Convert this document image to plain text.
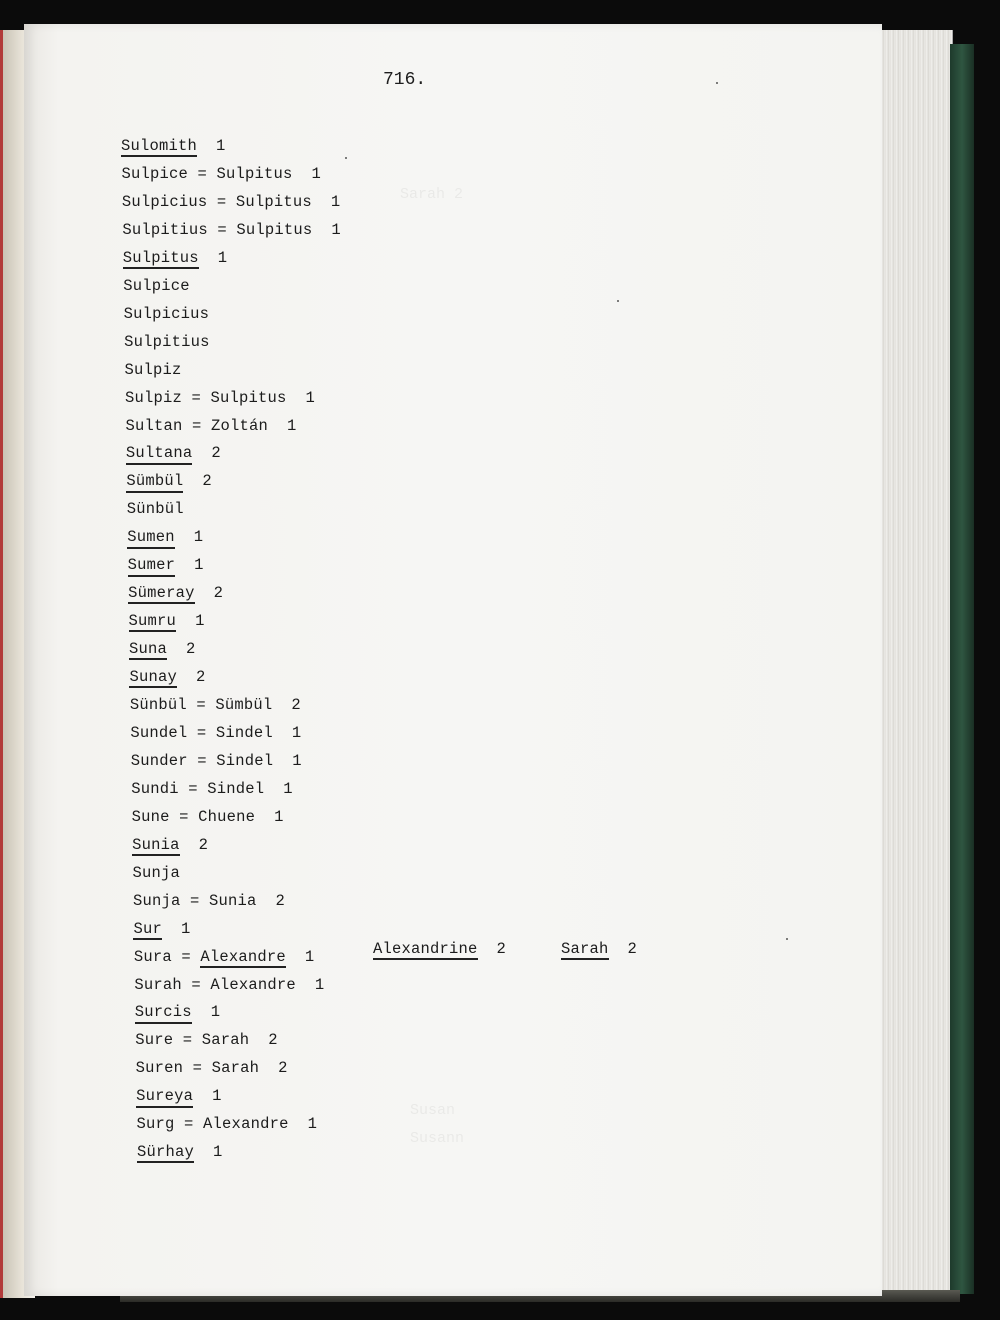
Sarah 2
Susan
Susann
716.
Sulomith  1
Sulpice = Sulpitus  1
Sulpicius = Sulpitus  1
Sulpitius = Sulpitus  1
Sulpitus  1
Sulpice
Sulpicius
Sulpitius
Sulpiz
Sulpiz = Sulpitus  1
Sultan = Zoltán  1
Sultana  2
Sümbül  2
Sünbül
Sumen  1
Sumer  1
Sümeray  2
Sumru  1
Suna  2
Sunay  2
Sünbül = Sümbül  2
Sundel = Sindel  1
Sunder = Sindel  1
Sundi = Sindel  1
Sune = Chuene  1
Sunia  2
Sunja
Sunja = Sunia  2
Sur  1
Sura = Alexandre  1
Surah = Alexandre  1
Surcis  1
Sure = Sarah  2
Suren = Sarah  2
Sureya  1
Surg = Alexandre  1
Sürhay  1
Alexandrine  2	Sarah  2
